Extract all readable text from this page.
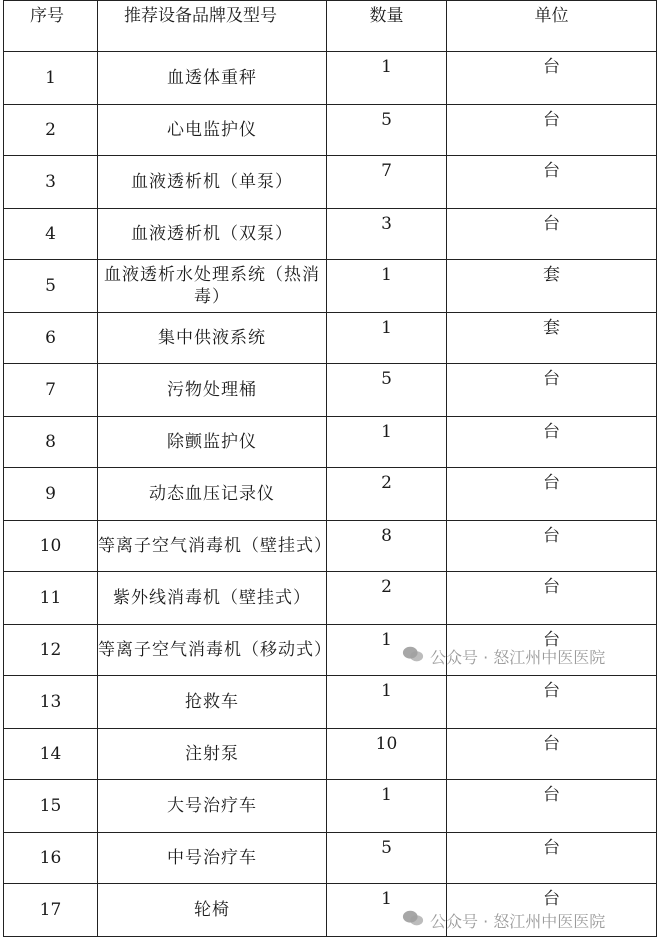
序号	推荐设备品牌及型号	数量	单位
1	血透体重秤	1	台
2	心电监护仪	5	台
3	血液透析机（单泵）	7	台
4	血液透析机（双泵）	3	台
5	血液透析水处理系统（热消毒）	1	套
6	集中供液系统	1	套
7	污物处理桶	5	台
8	除颤监护仪	1	台
9	动态血压记录仪	2	台
10	等离子空气消毒机（壁挂式）	8	台
11	紫外线消毒机（壁挂式）	2	台
12	等离子空气消毒机（移动式）	1	台
13	抢救车	1	台
14	注射泵	10	台
15	大号治疗车	1	台
16	中号治疗车	5	台
17	轮椅	1	台
公众号 · 怒江州中医医院
公众号 · 怒江州中医医院
